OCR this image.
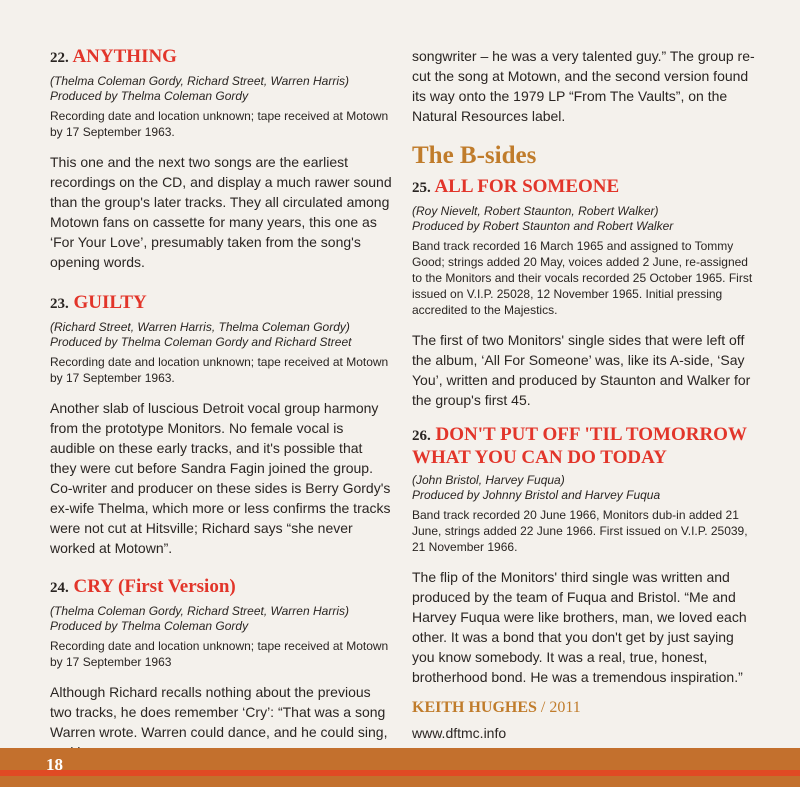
22. ANYTHING

(Thelma Coleman Gordy, Richard Street, Warren Harris)

Produced by Thelma Coleman Gordy

Recording date and location unknown; tape received at Motown by 17 September 1963.

This one and the next two songs are the earliest recordings on the CD, and display a much rawer sound than the group's later tracks. They all circulated among Motown fans on cassette for many years, this one as ‘For Your Love’, presumably taken from the song's opening words.

23. GUILTY

(Richard Street, Warren Harris, Thelma Coleman Gordy)

Produced by Thelma Coleman Gordy and Richard Street

Recording date and location unknown; tape received at Motown by 17 September 1963.

Another slab of luscious Detroit vocal group harmony from the prototype Monitors. No female vocal is audible on these early tracks, and it's possible that they were cut before Sandra Fagin joined the group. Co-writer and producer on these sides is Berry Gordy's ex-wife Thelma, which more or less confirms the tracks were not cut at Hitsville; Richard says “she never worked at Motown”.

24. CRY (First Version)

(Thelma Coleman Gordy, Richard Street, Warren Harris)

Produced by Thelma Coleman Gordy

Recording date and location unknown; tape received at Motown by 17 September 1963

Although Richard recalls nothing about the previous two tracks, he does remember ‘Cry’: “That was a song Warren wrote. Warren could dance, and he could sing,

songwriter – he was a very talented guy.” The group re-cut the song at Motown, and the second version found its way onto the 1979 LP “From The Vaults”, on the Natural Resources label.

The B-sides
25. ALL FOR SOMEONE

(Roy Nievelt, Robert Staunton, Robert Walker)

Produced by Robert Staunton and Robert Walker

Band track recorded 16 March 1965 and assigned to Tommy Good; strings added 20 May, voices added 2 June, re-assigned to the Monitors and their vocals recorded 25 October 1965. First issued on V.I.P. 25028, 12 November 1965. Initial pressing accredited to the Majestics.

The first of two Monitors' single sides that were left off the album, ‘All For Someone’ was, like its A-side, ‘Say You’, written and produced by Staunton and Walker for the group's first 45.

26. DON'T PUT OFF 'TIL TOMORROW WHAT YOU CAN DO TODAY

(John Bristol, Harvey Fuqua)

Produced by Johnny Bristol and Harvey Fuqua

Band track recorded 20 June 1966, Monitors dub-in added 21 June, strings added 22 June 1966. First issued on V.I.P. 25039, 21 November 1966.

The flip of the Monitors' third single was written and produced by the team of Fuqua and Bristol. “Me and Harvey Fuqua were like brothers, man, we loved each other. It was a bond that you don't get by just saying you know somebody. It was a real, true, honest, brotherhood bond. He was a tremendous inspiration.”

KEITH HUGHES / 2011

www.dftmc.info

18
